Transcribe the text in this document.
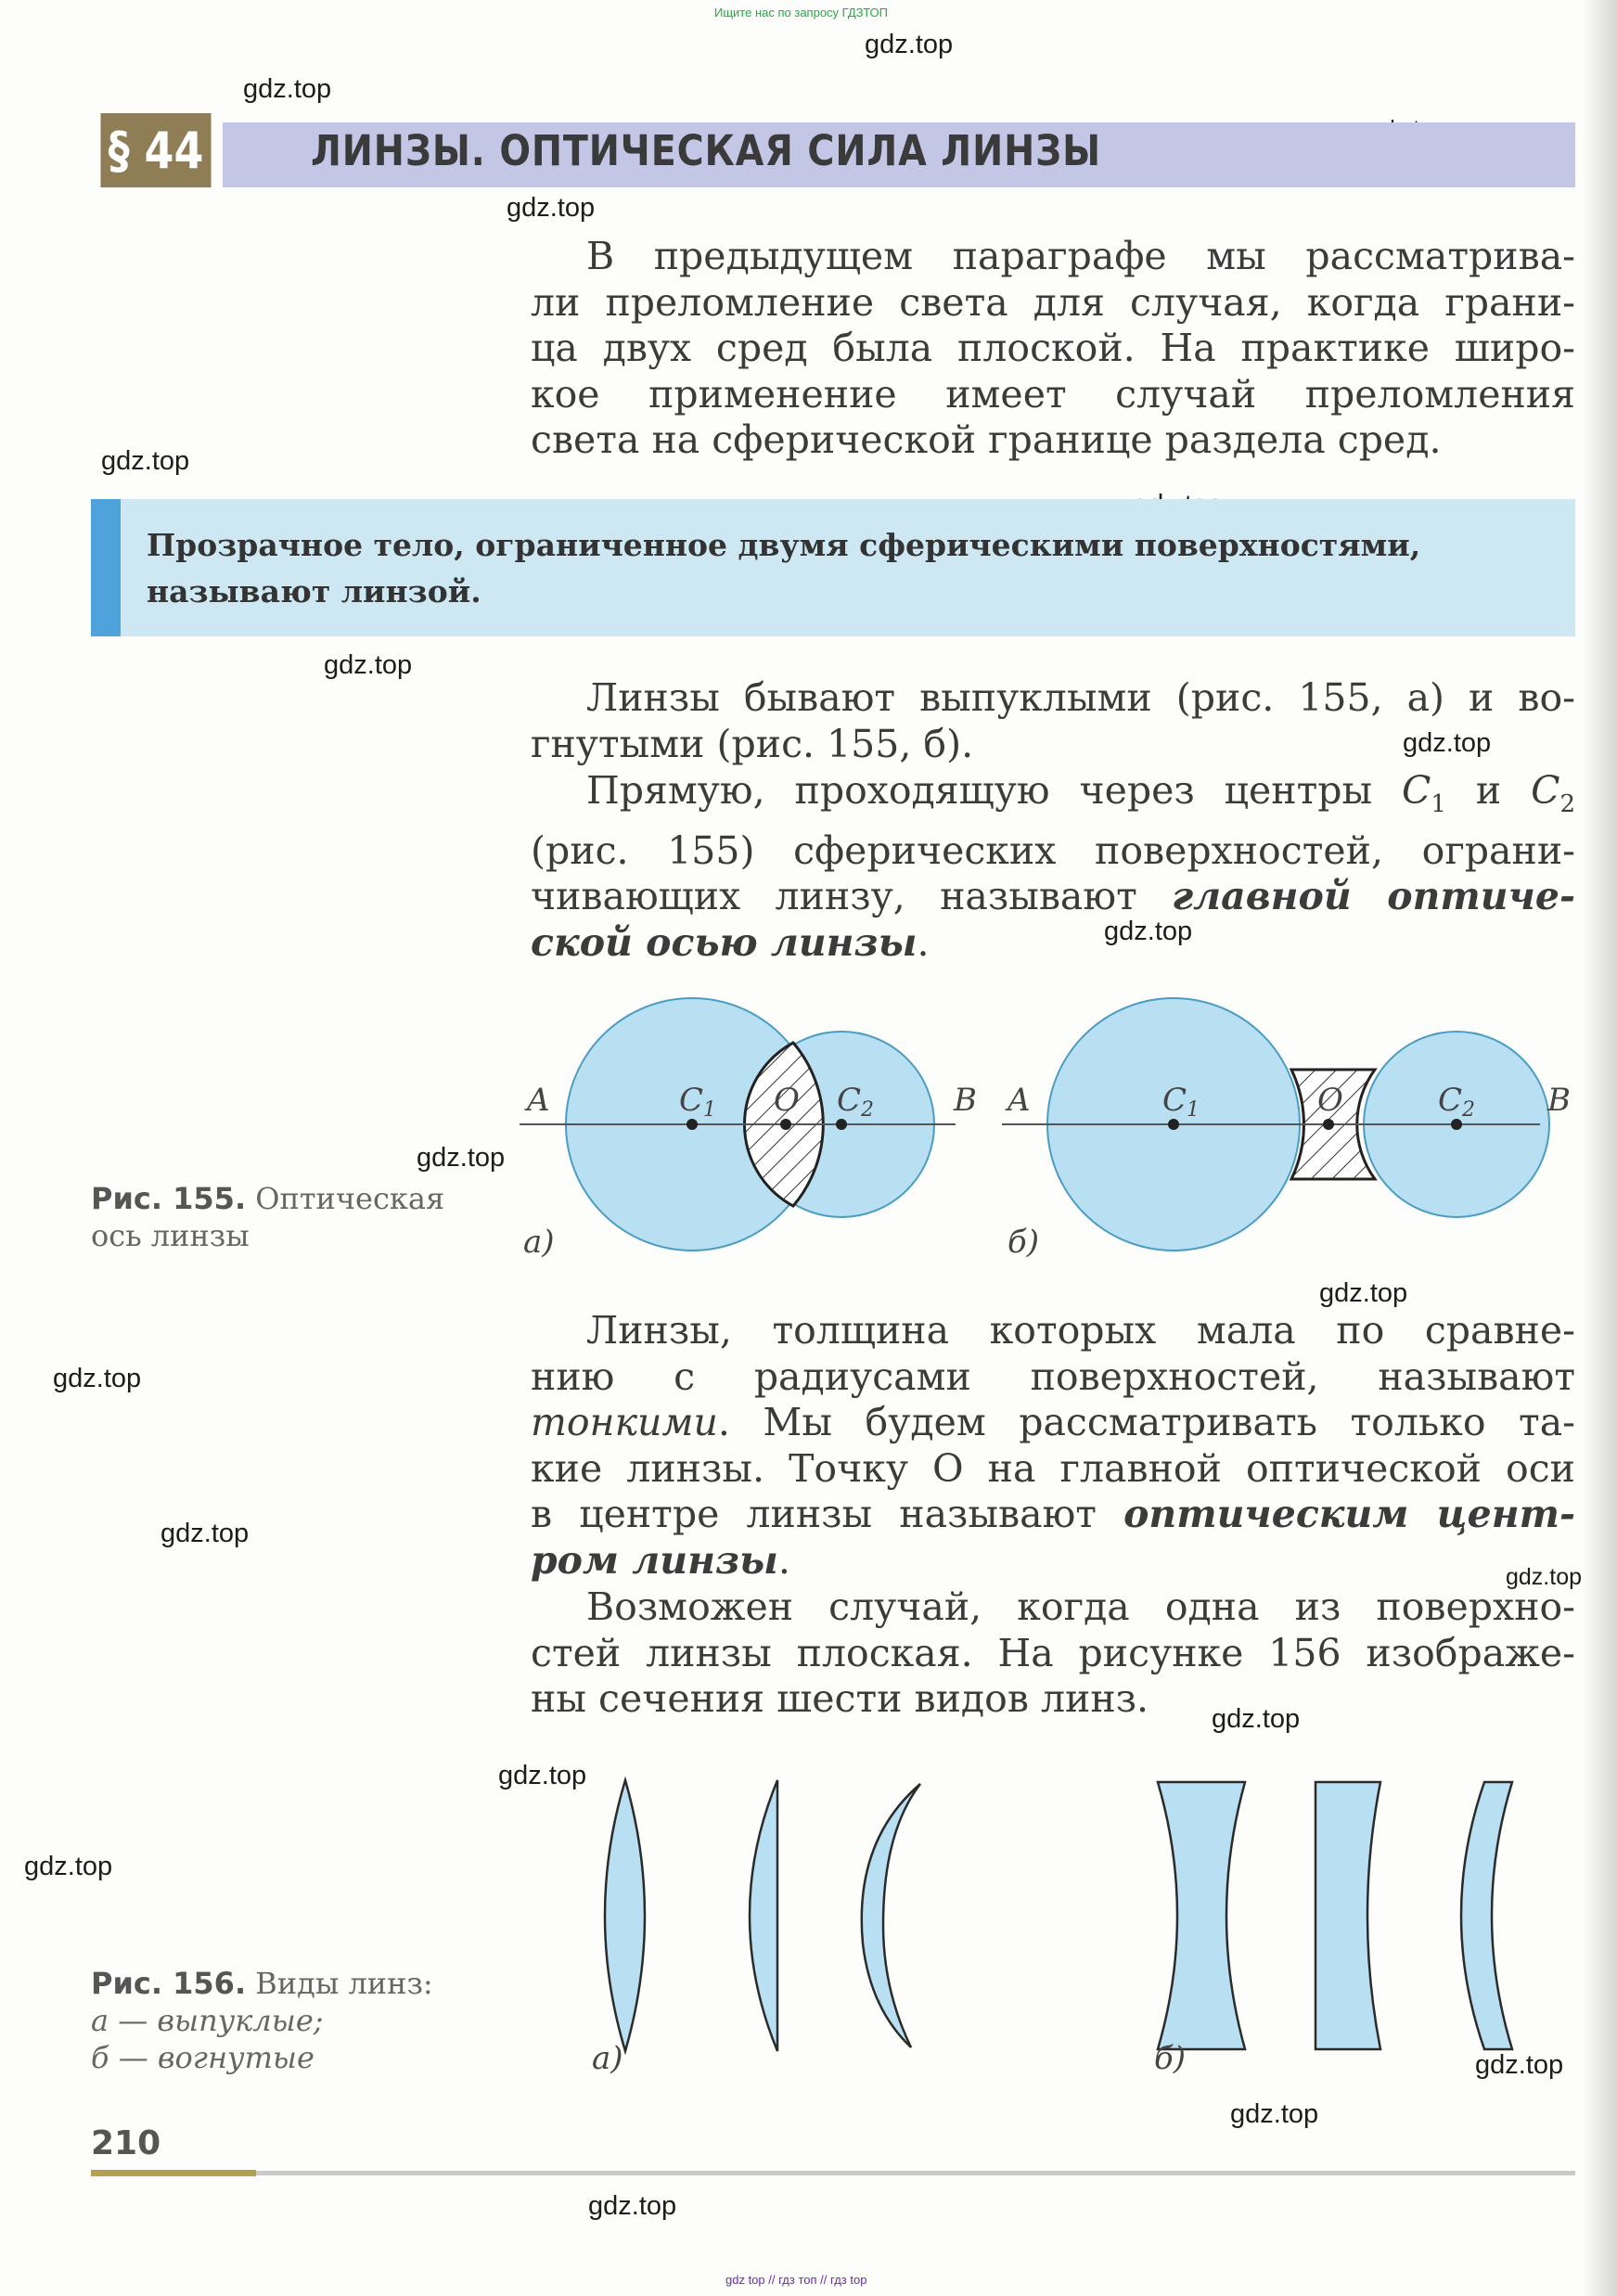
Ищите нас по запросу ГДЗТОП
gdz.top
gdz.top
gdz.top
gdz.top
gdz.top
gdz.top
gdz.top
gdz.top
gdz.top
gdz.top
gdz.top
gdz.top
gdz.top
gdz.top
gdz.top
gdz.top
gdz.top
gdz.top
§ 44	ЛИНЗЫ. ОПТИЧЕСКАЯ СИЛА ЛИНЗЫ
В предыдущем параграфе мы рассматрива-
ли преломление света для случая, когда грани-
ца двух сред была плоской. На практике широ-
кое применение имеет случай преломления
света на сферической границе раздела сред.
Прозрачное тело, ограниченное двумя сферическими поверхностями, называют линзой.
Линзы бывают выпуклыми (рис. 155, а) и во-
гнутыми (рис. 155, б).
Прямую, проходящую через центры $C_1$ и $C_2$
(рис. 155) сферических поверхностей, ограни-
чивающих линзу, называют главной оптиче-
ской осью линзы.
A	C1 O C2	B
а)
A	C1	O	C2 B
б)
Рис. 155. Оптическая
ось линзы
Линзы, толщина которых мала по сравне-
нию с радиусами поверхностей, называют
тонкими. Мы будем рассматривать только та-
кие линзы. Точку O на главной оптической оси
в центре линзы называют оптическим цент-
ром линзы.
Возможен случай, когда одна из поверхно-
стей линзы плоская. На рисунке 156 изображе-
ны сечения шести видов линз.
а)	б)
Рис. 156. Виды линз:
а — выпуклые;
б — вогнутые
210
gdz top // гдз топ // гдз top
